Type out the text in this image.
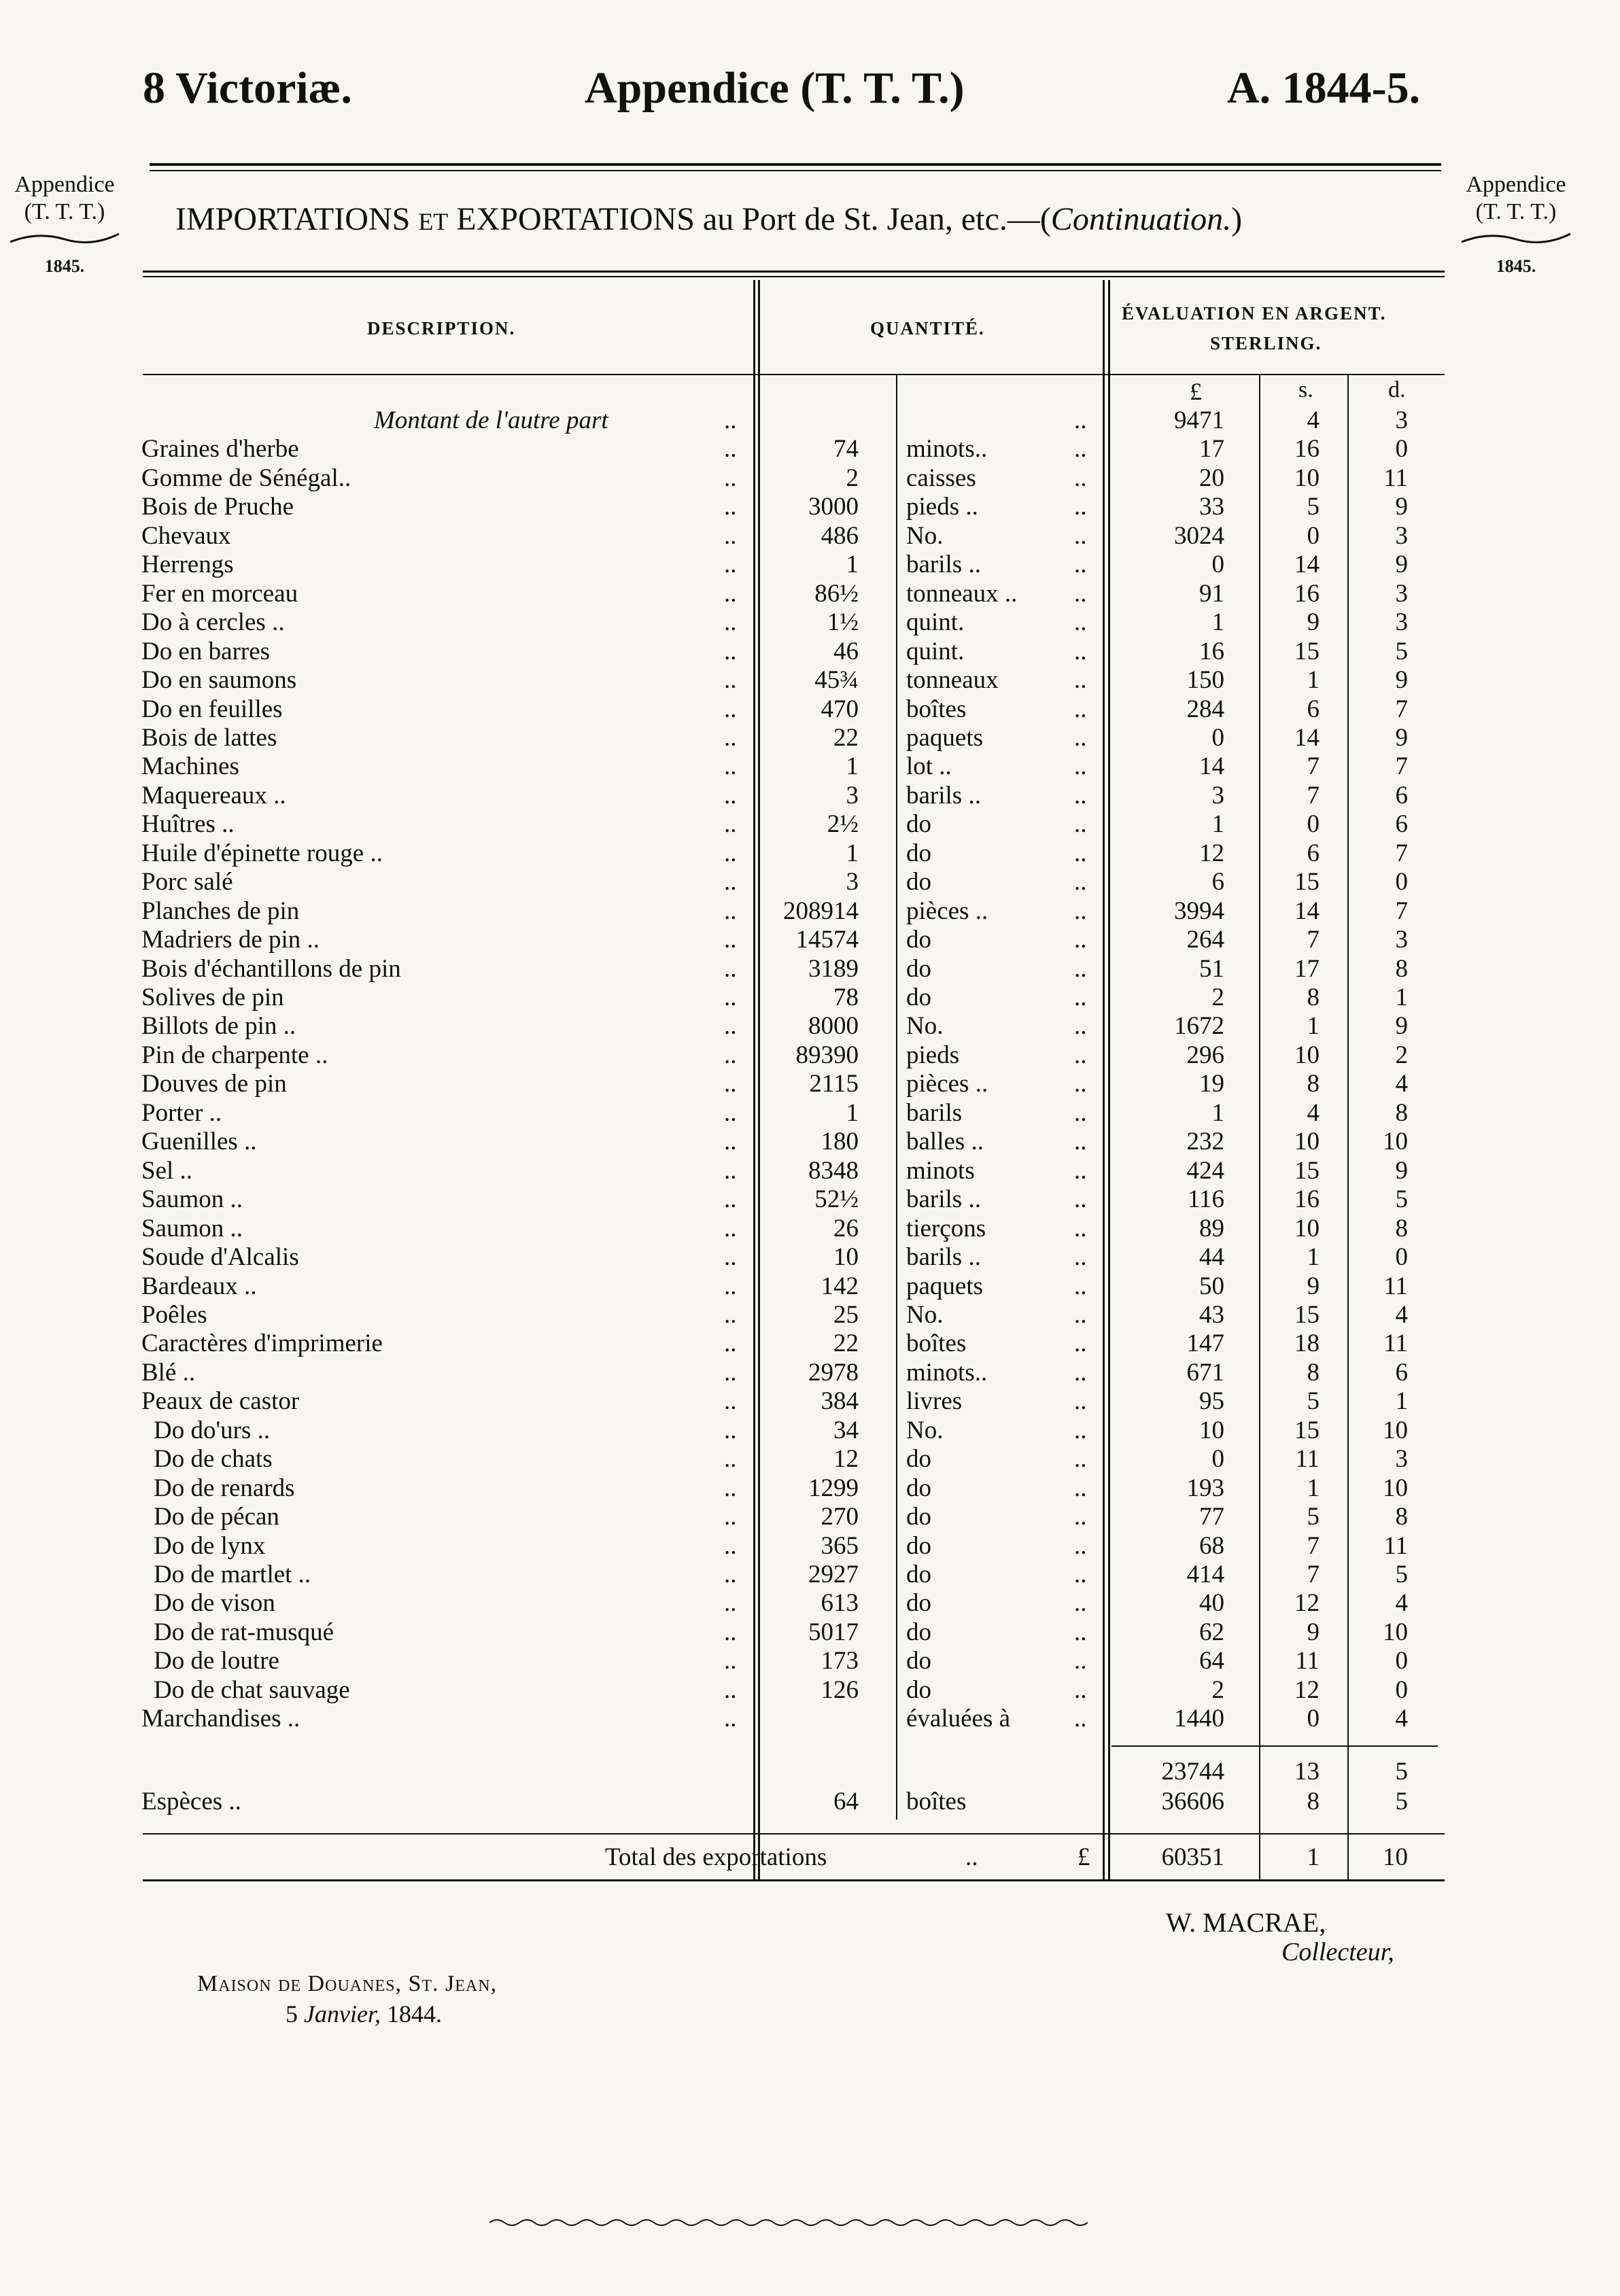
8 Victoriæ.	Appendice (T. T. T.)	A. 1844-5.
Appendice
(T. T. T.)
1845.
Appendice
(T. T. T.)
1845.
IMPORTATIONS ET EXPORTATIONS au Port de St. Jean, etc.—(Continuation.)
DESCRIPTION.	QUANTITÉ.
ÉVALUATION EN ARGENT.
STERLING.
£	s.	d.
Montant de l'autre part	..	..	9471	4	3
Graines d'herbe	..	74 minots..	..	17	16	0
Gomme de Sénégal..	..	2 caisses	..	20	10	11
Bois de Pruche	..	3000 pieds ..	..	33	5	9
Chevaux	..	486 No.	..	3024	0	3
Herrengs	..	1 barils ..	..	0	14	9
Fer en morceau	..	86½ tonneaux .. ..	91	16	3
Do à cercles ..	..	1½ quint.	..	1	9	3
Do en barres	..	46 quint.	..	16	15	5
Do en saumons	..	45¾ tonneaux	..	150	1	9
Do en feuilles	..	470 boîtes	..	284	6	7
Bois de lattes	..	22 paquets	..	0	14	9
Machines	..	1 lot ..	..	14	7	7
Maquereaux ..	..	3 barils ..	..	3	7	6
Huîtres ..	..	2½ do	..	1	0	6
Huile d'épinette rouge ..	..	1 do	..	12	6	7
Porc salé	..	3 do	..	6	15	0
Planches de pin	.. 208914 pièces ..	..	3994	14	7
Madriers de pin ..	.. 14574 do	..	264	7	3
Bois d'échantillons de pin	..	3189 do	..	51	17	8
Solives de pin	..	78 do	..	2	8	1
Billots de pin ..	..	8000 No.	..	1672	1	9
Pin de charpente ..	.. 89390 pieds	..	296	10	2
Douves de pin	..	2115 pièces ..	..	19	8	4
Porter ..	..	1 barils	..	1	4	8
Guenilles ..	..	180 balles ..	..	232	10	10
Sel ..	..	8348 minots	..	424	15	9
Saumon ..	..	52½ barils ..	..	116	16	5
Saumon ..	..	26 tierçons	..	89	10	8
Soude d'Alcalis	..	10 barils ..	..	44	1	0
Bardeaux ..	..	142 paquets	..	50	9	11
Poêles	..	25 No.	..	43	15	4
Caractères d'imprimerie	..	22 boîtes	..	147	18	11
Blé ..	..	2978 minots..	..	671	8	6
Peaux de castor	..	384 livres	..	95	5	1
Do do'urs ..	..	34 No.	..	10	15	10
Do de chats	..	12 do	..	0	11	3
Do de renards	..	1299 do	..	193	1	10
Do de pécan	..	270 do	..	77	5	8
Do de lynx	..	365 do	..	68	7	11
Do de martlet ..	..	2927 do	..	414	7	5
Do de vison	..	613 do	..	40	12	4
Do de rat-musqué	..	5017 do	..	62	9	10
Do de loutre	..	173 do	..	64	11	0
Do de chat sauvage	..	126 do	..	2	12	0
Marchandises ..	..	évaluées à	..	1440	0	4
23744	13	5
Espèces ..	64 boîtes	36606	8	5
Total des exportations	..	£	60351	1	10
W. MACRAE,
Collecteur,
Maison de Douanes, St. Jean,
5 Janvier, 1844.
